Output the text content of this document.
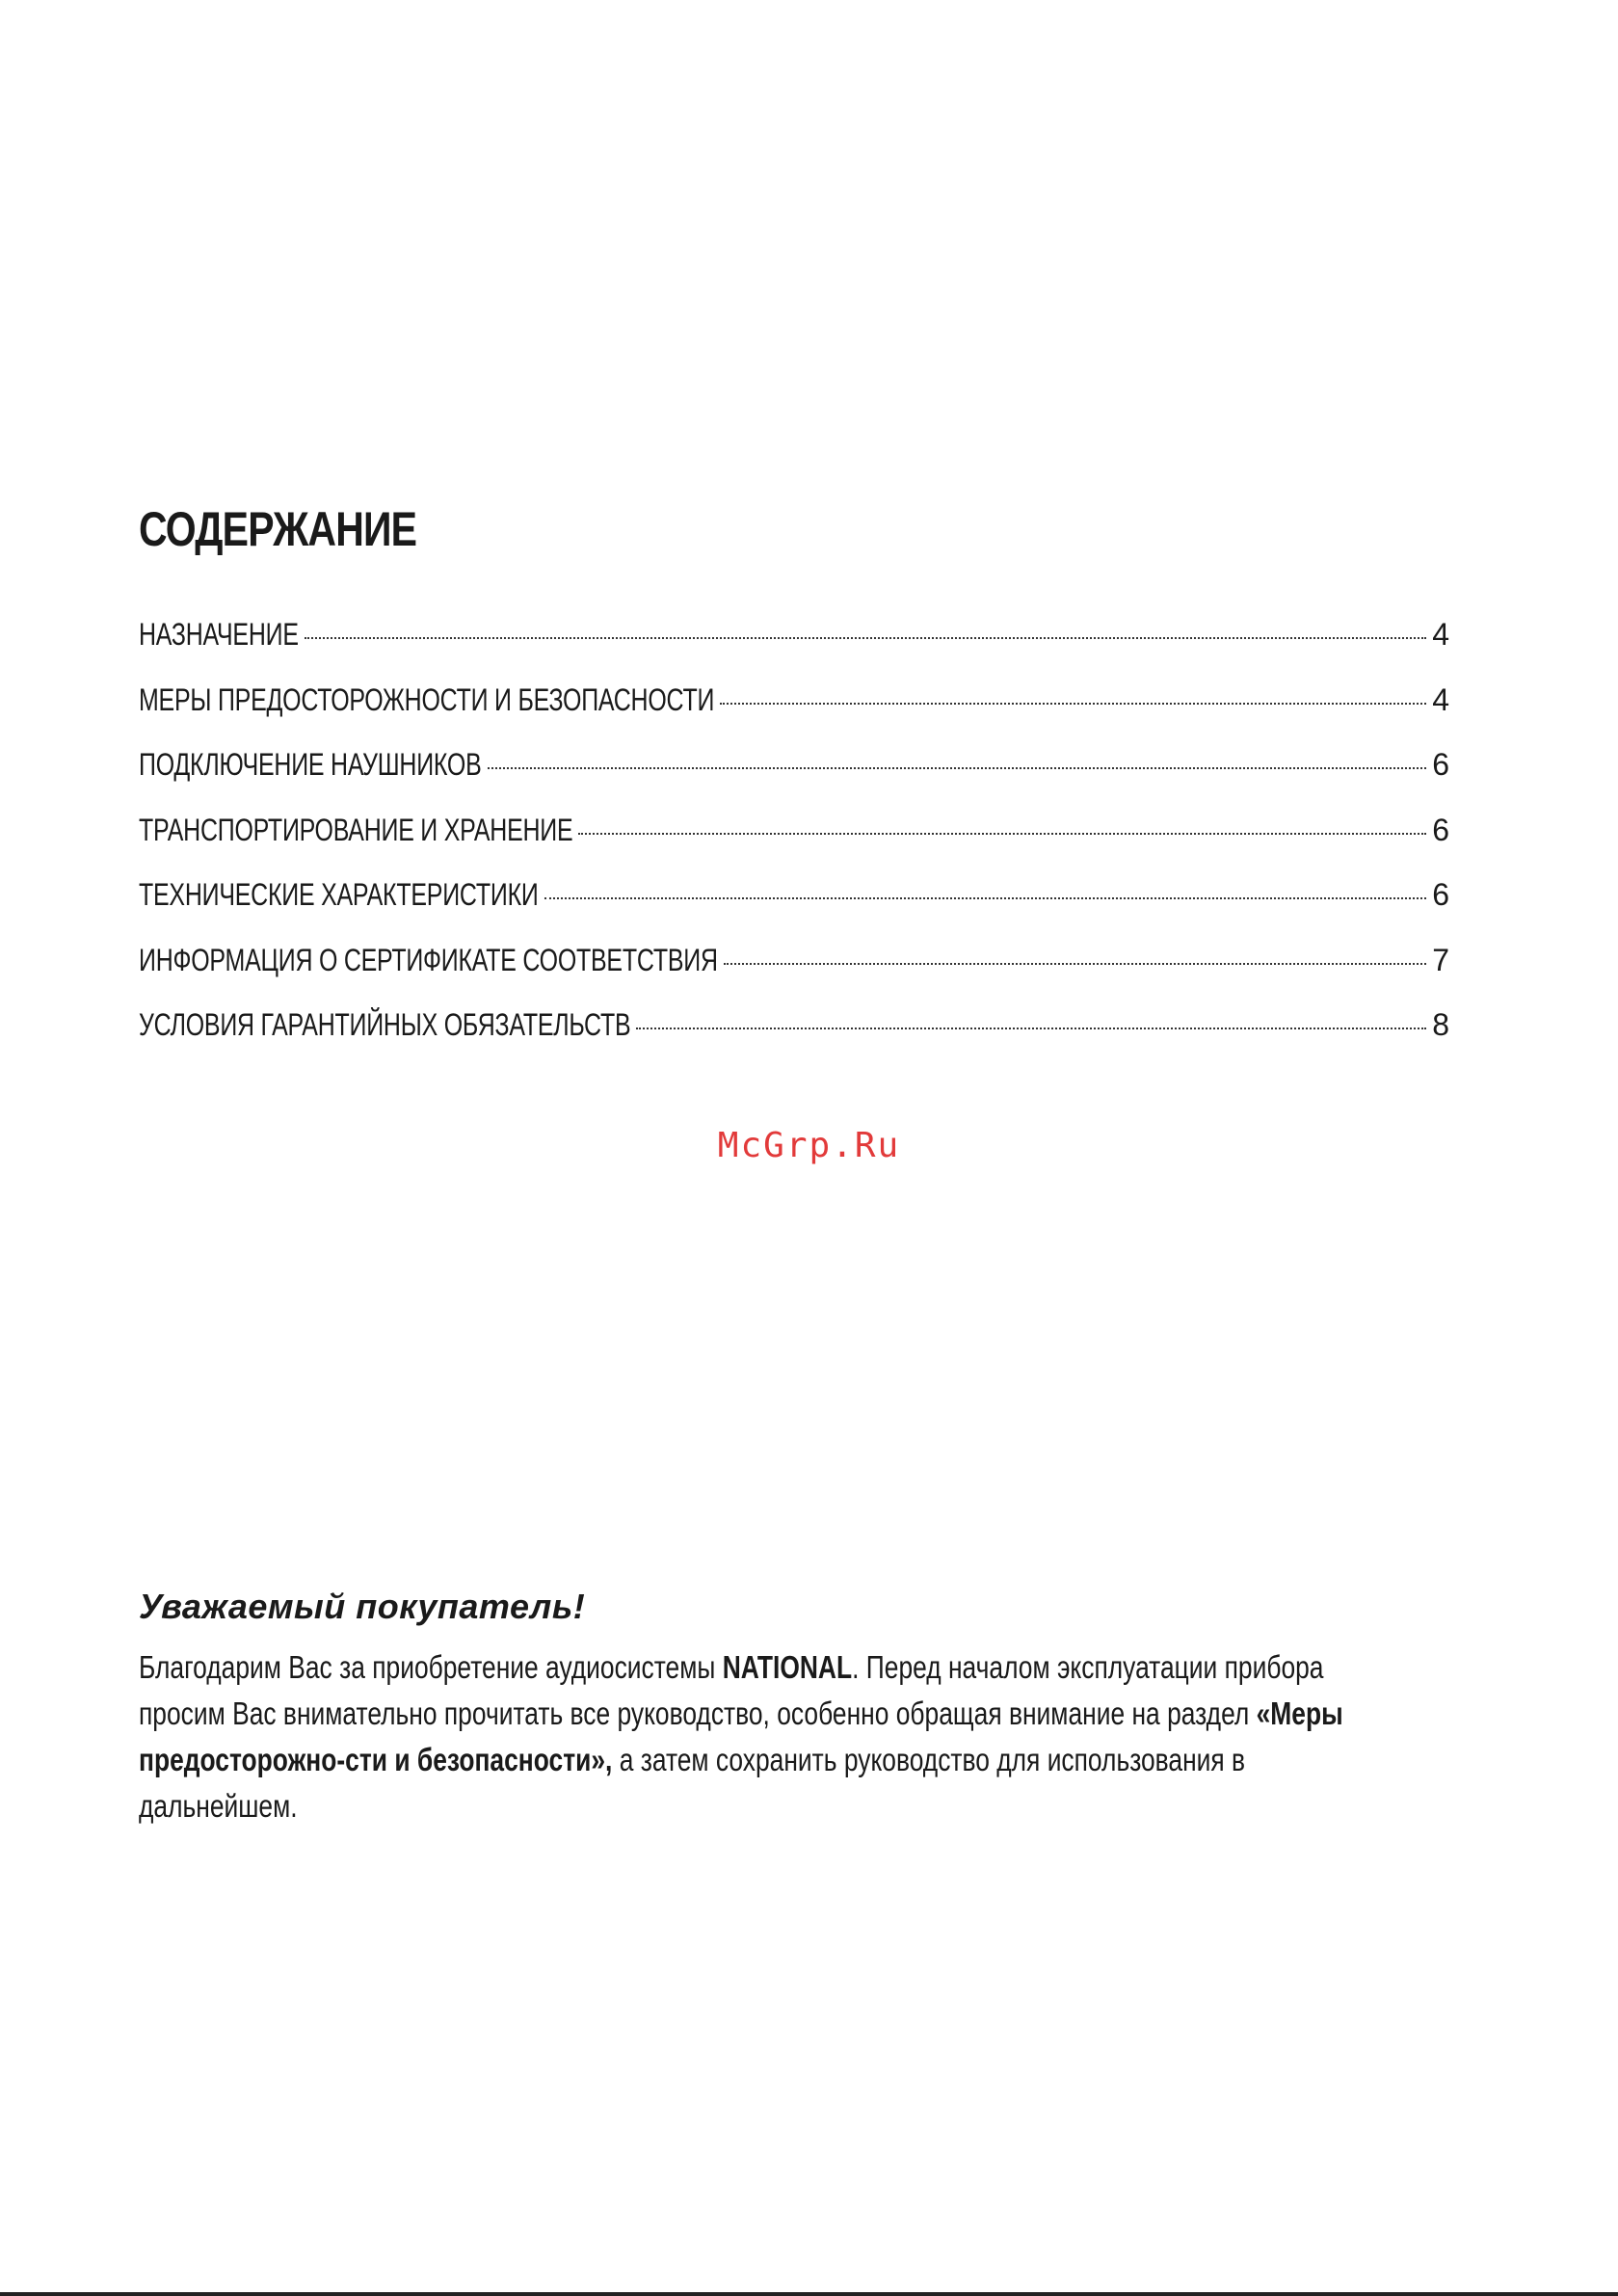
СОДЕРЖАНИЕ
НАЗНАЧЕНИЕ	4
МЕРЫ ПРЕДОСТОРОЖНОСТИ И БЕЗОПАСНОСТИ	4
ПОДКЛЮЧЕНИЕ НАУШНИКОВ	6
ТРАНСПОРТИРОВАНИЕ И ХРАНЕНИЕ	6
ТЕХНИЧЕСКИЕ ХАРАКТЕРИСТИКИ	6
ИНФОРМАЦИЯ О СЕРТИФИКАТЕ СООТВЕТСТВИЯ	7
УСЛОВИЯ ГАРАНТИЙНЫХ ОБЯЗАТЕЛЬСТВ	8

McGrp.Ru

Уважаемый покупатель!

Благодарим Вас за приобретение аудиосистемы NATIONAL. Перед началом эксплуатации прибора просим Вас внимательно прочитать все руководство, особенно обращая внимание на раздел «Меры предосторожно-сти и безопасности», а затем сохранить руководство для использования в дальнейшем.
